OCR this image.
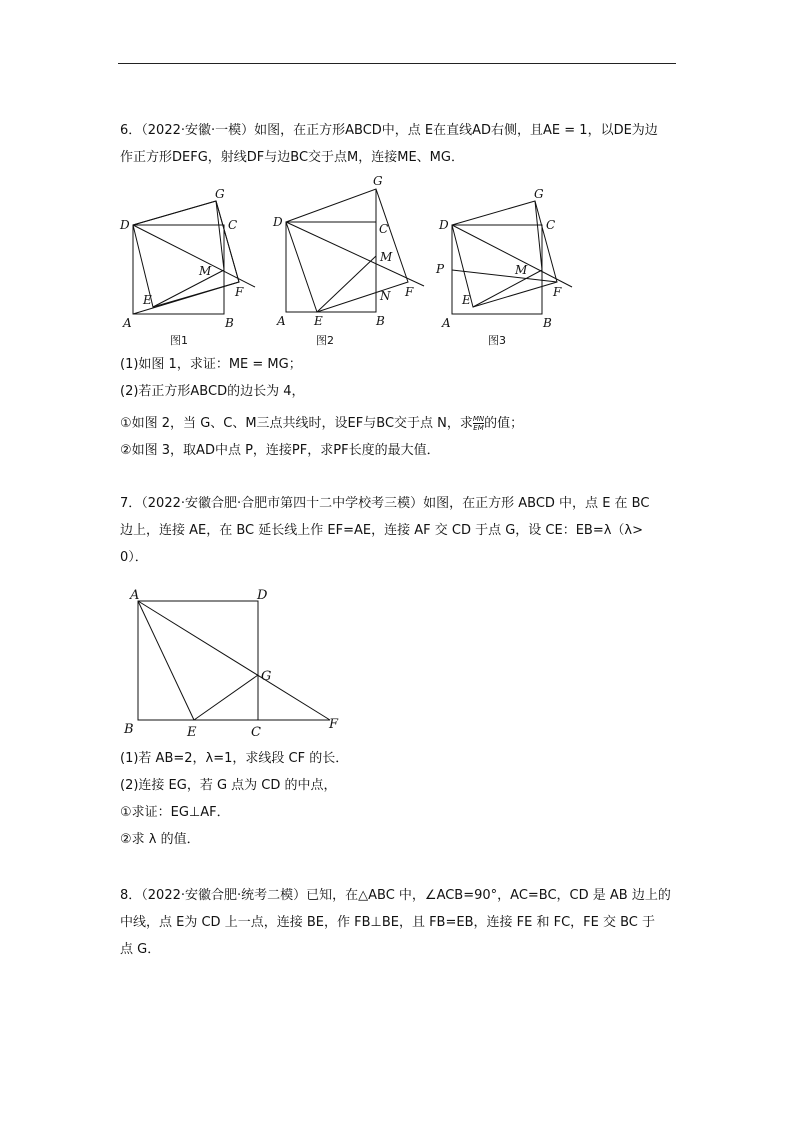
6．（2022·安徽·一模）如图，在正方形ABCD中，点 E在直线AD右侧，且AE = 1，以DE为边
作正方形DEFG，射线DF与边BC交于点M，连接ME、MG．
D
G
C
M
F
E
A	B
图1
D
G
C
M
F
N
A E	B
图2
D
G
C
P	M
F
E
A	B
图3
A	D
G
B	E	C
F
(1)如图 1，求证：ME = MG；
(2)若正方形ABCD的边长为 4，
①如图 2，当 G、C、M三点共线时，设EF与BC交于点 N，求 $\frac{MN}{EM}$ 的值；
②如图 3，取AD中点 P，连接PF，求PF长度的最大值．
7．（2022·安徽合肥·合肥市第四十二中学校考三模）如图，在正方形 ABCD 中，点 E 在 BC
边上，连接 AE，在 BC 延长线上作 EF=AE，连接 AF 交 CD 于点 G，设 CE：EB=λ（λ>
0）．
(1)若 AB=2，λ=1，求线段 CF 的长．
(2)连接 EG，若 G 点为 CD 的中点，
①求证：EG⊥AF．
②求 λ 的值．
8．（2022·安徽合肥·统考二模）已知，在△ABC 中，∠ACB=90°，AC=BC，CD 是 AB 边上的
中线，点 E为 CD 上一点，连接 BE，作 FB⊥BE，且 FB=EB，连接 FE 和 FC，FE 交 BC 于
点 G．
